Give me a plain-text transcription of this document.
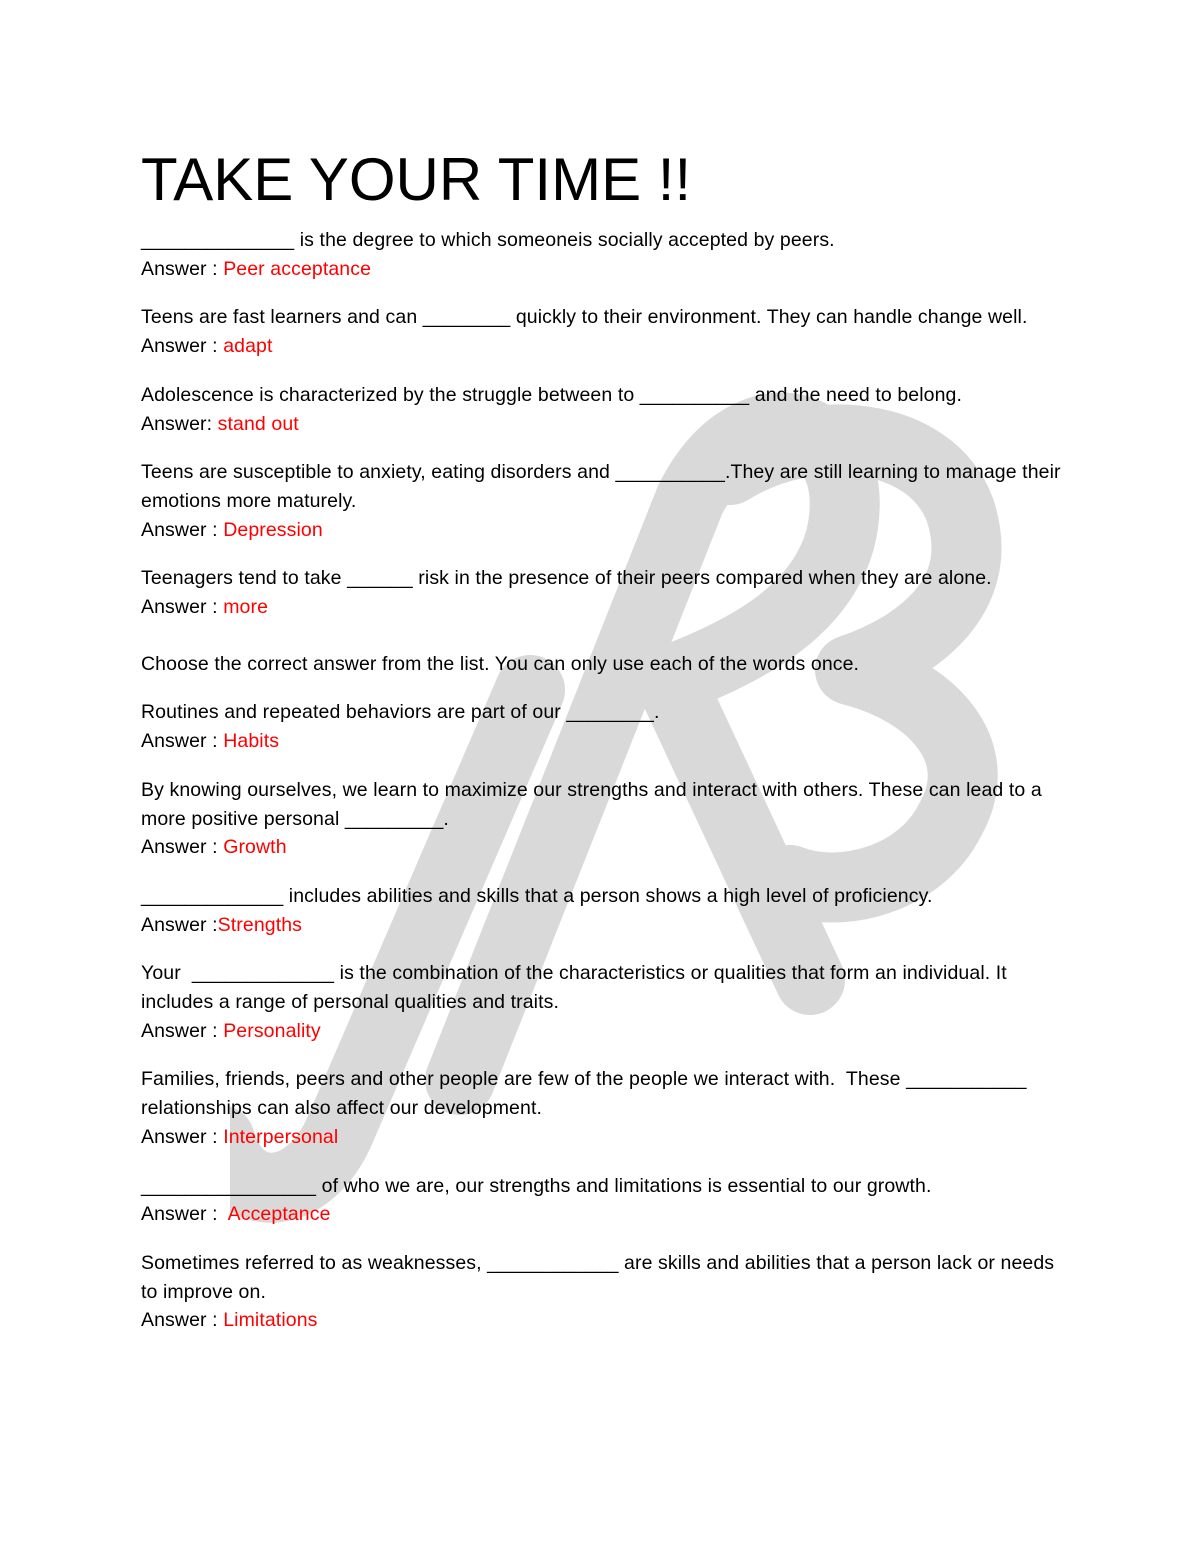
TAKE YOUR TIME !!

______________ is the degree to which someoneis socially accepted by peers.

Answer : Peer acceptance

Teens are fast learners and can ________ quickly to their environment. They can handle change well.

Answer : adapt

Adolescence is characterized by the struggle between to __________ and the need to belong.

Answer: stand out

Teens are susceptible to anxiety, eating disorders and __________.They are still learning to manage their emotions more maturely.

Answer : Depression

Teenagers tend to take ______ risk in the presence of their peers compared when they are alone.

Answer : more

Choose the correct answer from the list. You can only use each of the words once.

Routines and repeated behaviors are part of our ________.

Answer : Habits

By knowing ourselves, we learn to maximize our strengths and interact with others. These can lead to a more positive personal _________.

Answer : Growth

_____________ includes abilities and skills that a person shows a high level of proficiency.

Answer :Strengths

Your  _____________ is the combination of the characteristics or qualities that form an individual. It includes a range of personal qualities and traits.

Answer : Personality

Families, friends, peers and other people are few of the people we interact with.  These ___________ relationships can also affect our development.

Answer : Interpersonal

________________ of who we are, our strengths and limitations is essential to our growth.

Answer :  Acceptance

Sometimes referred to as weaknesses, ____________ are skills and abilities that a person lack or needs to improve on.

Answer : Limitations
